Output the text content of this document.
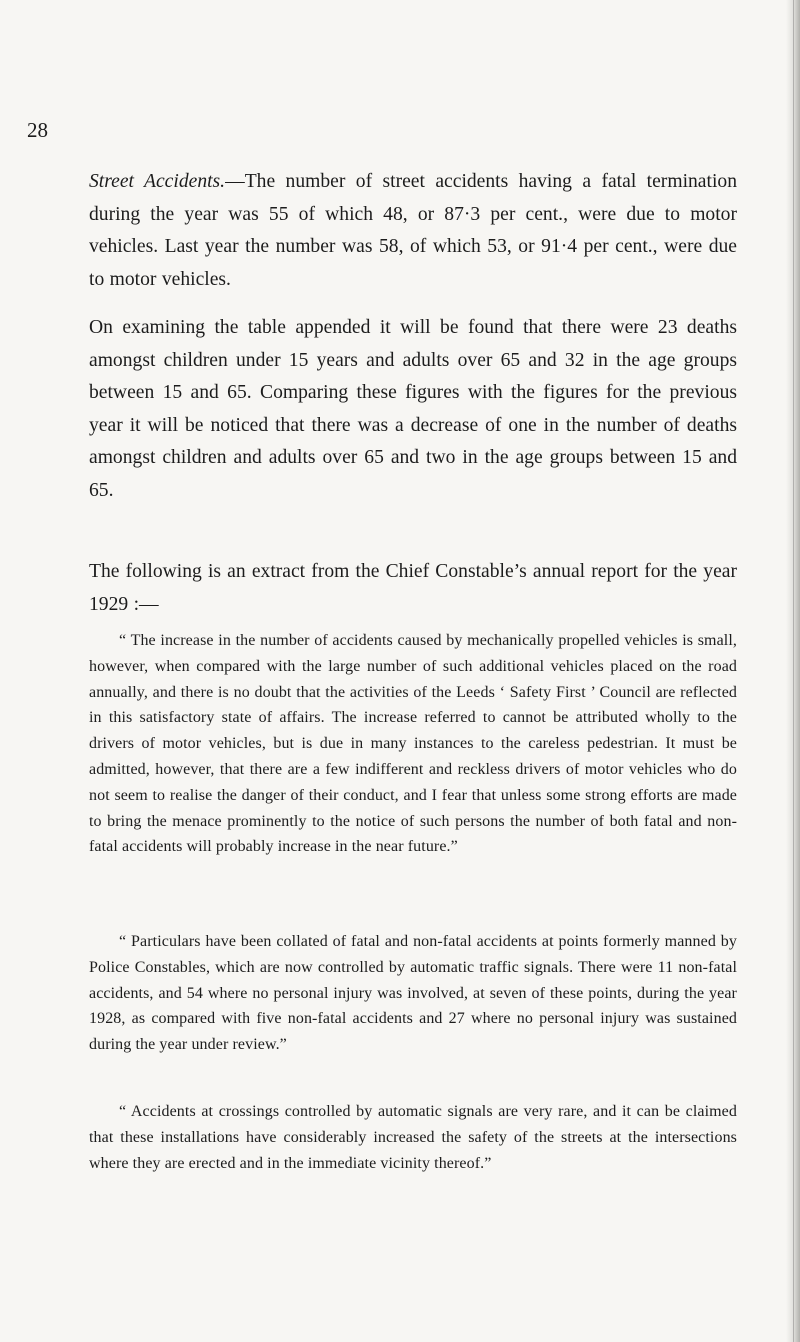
28

Street Accidents.—The number of street accidents having a fatal termination during the year was 55 of which 48, or 87·3 per cent., were due to motor vehicles. Last year the number was 58, of which 53, or 91·4 per cent., were due to motor vehicles.

On examining the table appended it will be found that there were 23 deaths amongst children under 15 years and adults over 65 and 32 in the age groups between 15 and 65. Comparing these figures with the figures for the previous year it will be noticed that there was a decrease of one in the number of deaths amongst children and adults over 65 and two in the age groups between 15 and 65.

The following is an extract from the Chief Constable’s annual report for the year 1929 :—

“ The increase in the number of accidents caused by mechanically propelled vehicles is small, however, when compared with the large number of such additional vehicles placed on the road annually, and there is no doubt that the activities of the Leeds ‘ Safety First ’ Council are reflected in this satisfactory state of affairs. The increase referred to cannot be attributed wholly to the drivers of motor vehicles, but is due in many instances to the careless pedestrian. It must be admitted, however, that there are a few indifferent and reckless drivers of motor vehicles who do not seem to realise the danger of their conduct, and I fear that unless some strong efforts are made to bring the menace prominently to the notice of such persons the number of both fatal and non-fatal accidents will probably increase in the near future.”

“ Particulars have been collated of fatal and non-fatal accidents at points formerly manned by Police Constables, which are now controlled by automatic traffic signals. There were 11 non-fatal accidents, and 54 where no personal injury was involved, at seven of these points, during the year 1928, as compared with five non-fatal accidents and 27 where no personal injury was sustained during the year under review.”

“ Accidents at crossings controlled by automatic signals are very rare, and it can be claimed that these installations have considerably increased the safety of the streets at the intersections where they are erected and in the immediate vicinity thereof.”
